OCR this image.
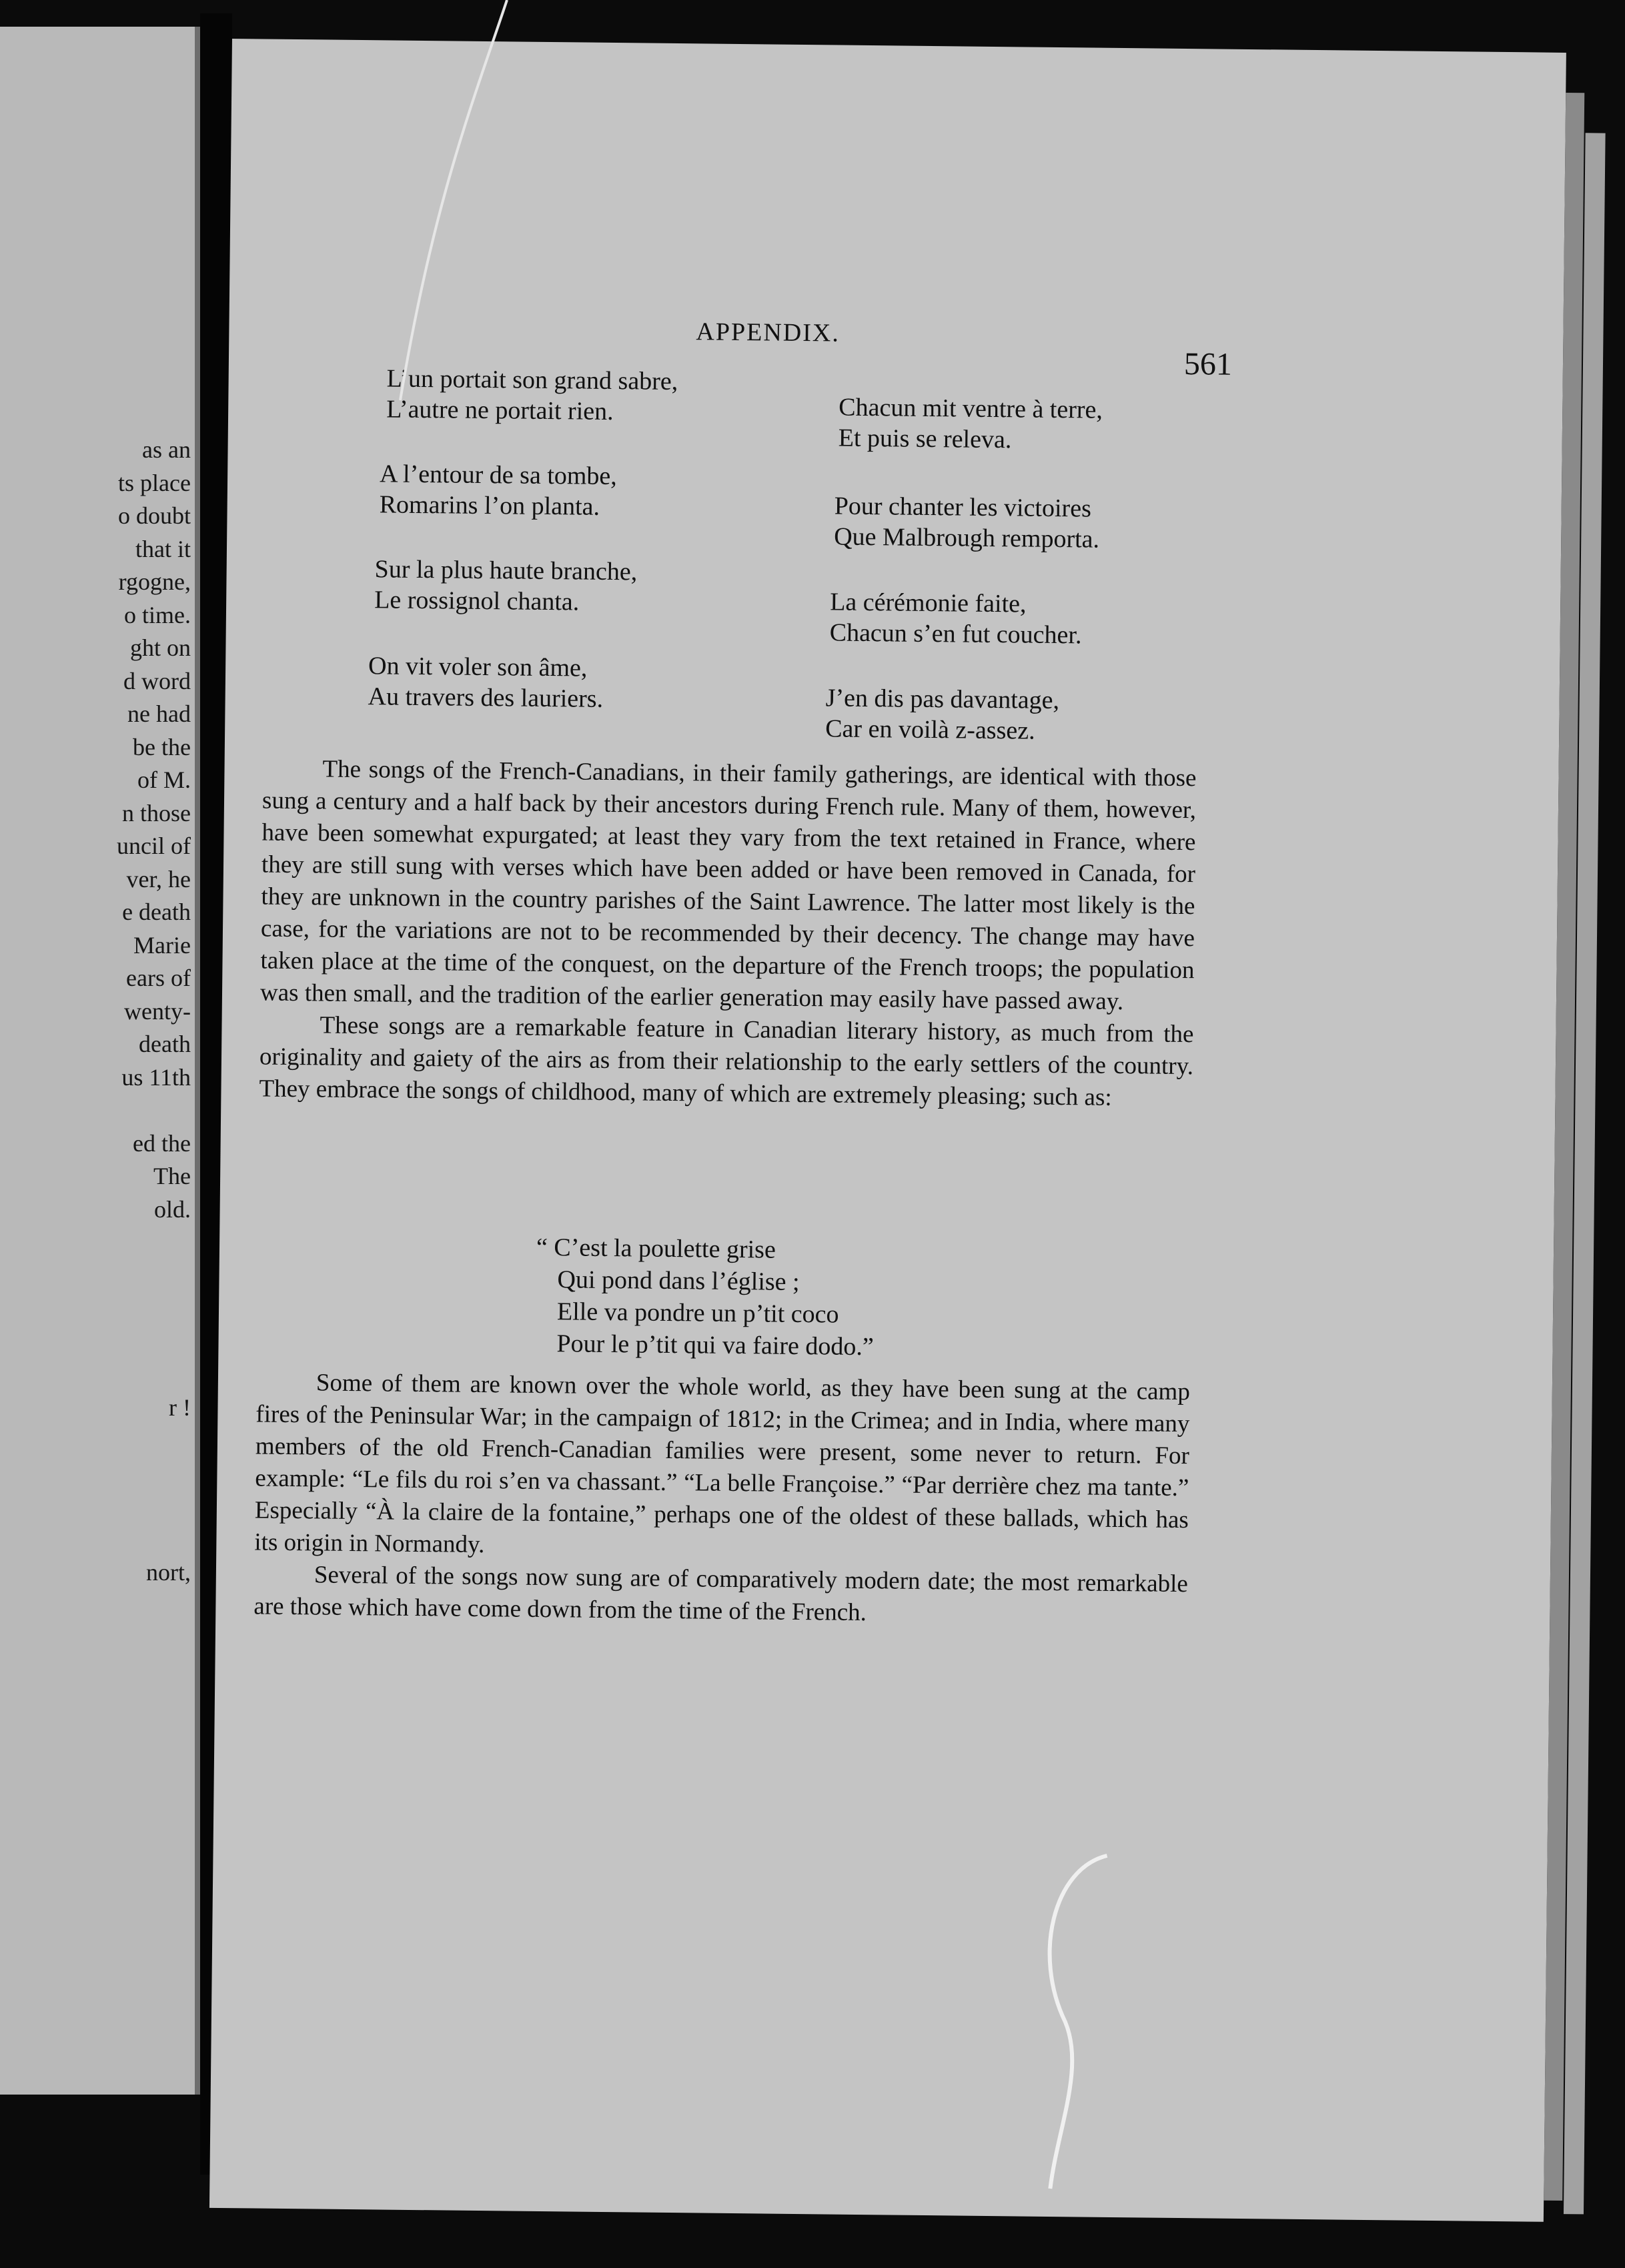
as an
ts place
o doubt
that it
rgogne,
o time.
ght on
d word
ne had
be the
of M.
n those
uncil of
ver, he
e death
Marie
ears of
wenty-
death
us 11th
ed the
The
old.
r !
nort,
APPENDIX.
561
L’un portait son grand sabre,
L’autre ne portait rien.
A l’entour de sa tombe,
Romarins l’on planta.
Sur la plus haute branche,
Le rossignol chanta.
On vit voler son âme,
Au travers des lauriers.
Chacun mit ventre à terre,
Et puis se releva.
Pour chanter les victoires
Que Malbrough remporta.
La cérémonie faite,
Chacun s’en fut coucher.
J’en dis pas davantage,
Car en voilà z-assez.

The songs of the French-Canadians, in their family gatherings, are identical with those sung a century and a half back by their ancestors during French rule. Many of them, however, have been somewhat expurgated; at least they vary from the text retained in France, where they are still sung with verses which have been added or have been removed in Canada, for they are unknown in the country parishes of the Saint Lawrence. The latter most likely is the case, for the variations are not to be recommended by their decency. The change may have taken place at the time of the conquest, on the departure of the French troops; the population was then small, and the tradition of the earlier generation may easily have passed away.

These songs are a remarkable feature in Canadian literary history, as much from the originality and gaiety of the airs as from their relationship to the early settlers of the country. They embrace the songs of childhood, many of which are extremely pleasing; such as:

“ C’est la poulette grise
Qui pond dans l’église ;
Elle va pondre un p’tit coco
Pour le p’tit qui va faire dodo.”

Some of them are known over the whole world, as they have been sung at the camp fires of the Peninsular War; in the campaign of 1812; in the Crimea; and in India, where many members of the old French-Canadian families were present, some never to return. For example: “Le fils du roi s’en va chassant.” “La belle Françoise.” “Par derrière chez ma tante.” Especially “À la claire de la fontaine,” perhaps one of the oldest of these ballads, which has its origin in Normandy.

Several of the songs now sung are of comparatively modern date; the most remarkable are those which have come down from the time of the French.
